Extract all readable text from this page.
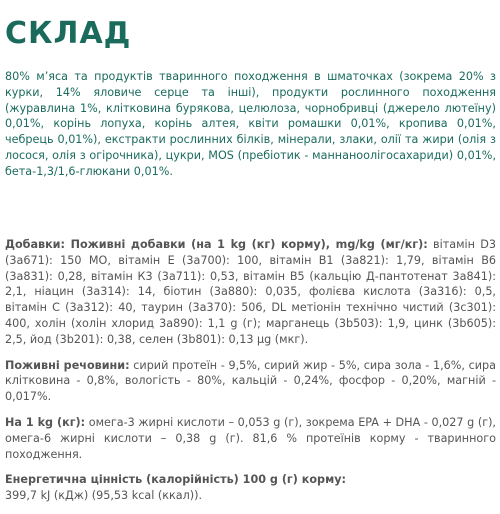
СКЛАД

80% м’яса та продуктів тваринного походження в шматочках (зокрема 20% з курки, 14% яловиче серце та інші), продукти рослинного походження (журавлина 1%, клітковина бурякова, целюлоза, чорнобривці (джерело лютеїну) 0,01%, корінь лопуха, корінь алтея, квіти ромашки 0,01%, кропива 0,01%, чебрець 0,01%), екстракти рослинних білків, мінерали, злаки, олії та жири (олія з лосося, олія з огірочника), цукри, MOS (пребіотик - маннаноолігосахариди) 0,01%, бета-1,3/1,6-глюкани 0,01%.

Добавки: Поживні добавки (на 1 kg (кг) корму), mg/kg (мг/кг): вітамін D3 (3a671): 150 МО, вітамін Е (3a700): 100, вітамін В1 (3a821): 1,79, вітамін В6 (3a831): 0,28, вітамін К3 (3a711): 0,53, вітамін В5 (кальцію Д-пантотенат 3a841): 2,1, ніацин (3a314): 14, біотин (3a880): 0,035, фолієва кислота (3a316): 0,5, вітамін С (3a312): 40, таурин (3a370): 506, DL метіонін технічно чистий (3c301): 400, холін (холін хлорид 3a890): 1,1 g (г); марганець (3b503): 1,9, цинк (3b605): 2,5, йод (3b201): 0,38, селен (3b801): 0,13 µg (мкг).

Поживні речовини: сирий протеїн - 9,5%, сирий жир - 5%, сира зола - 1,6%, сира клітковина - 0,8%, вологість - 80%, кальцій - 0,24%, фосфор - 0,20%, магній - 0,017%.

На 1 kg (кг): омега-3 жирні кислоти – 0,053 g (г), зокрема EPA + DHA - 0,027 g (г), омега-6 жирні кислоти – 0,38 g (г). 81,6 % протеїнів корму - тваринного походження.

Енергетична цінність (калорійність) 100 g (г) корму:
399,7 kJ (кДж) (95,53 kcal (ккал)).
